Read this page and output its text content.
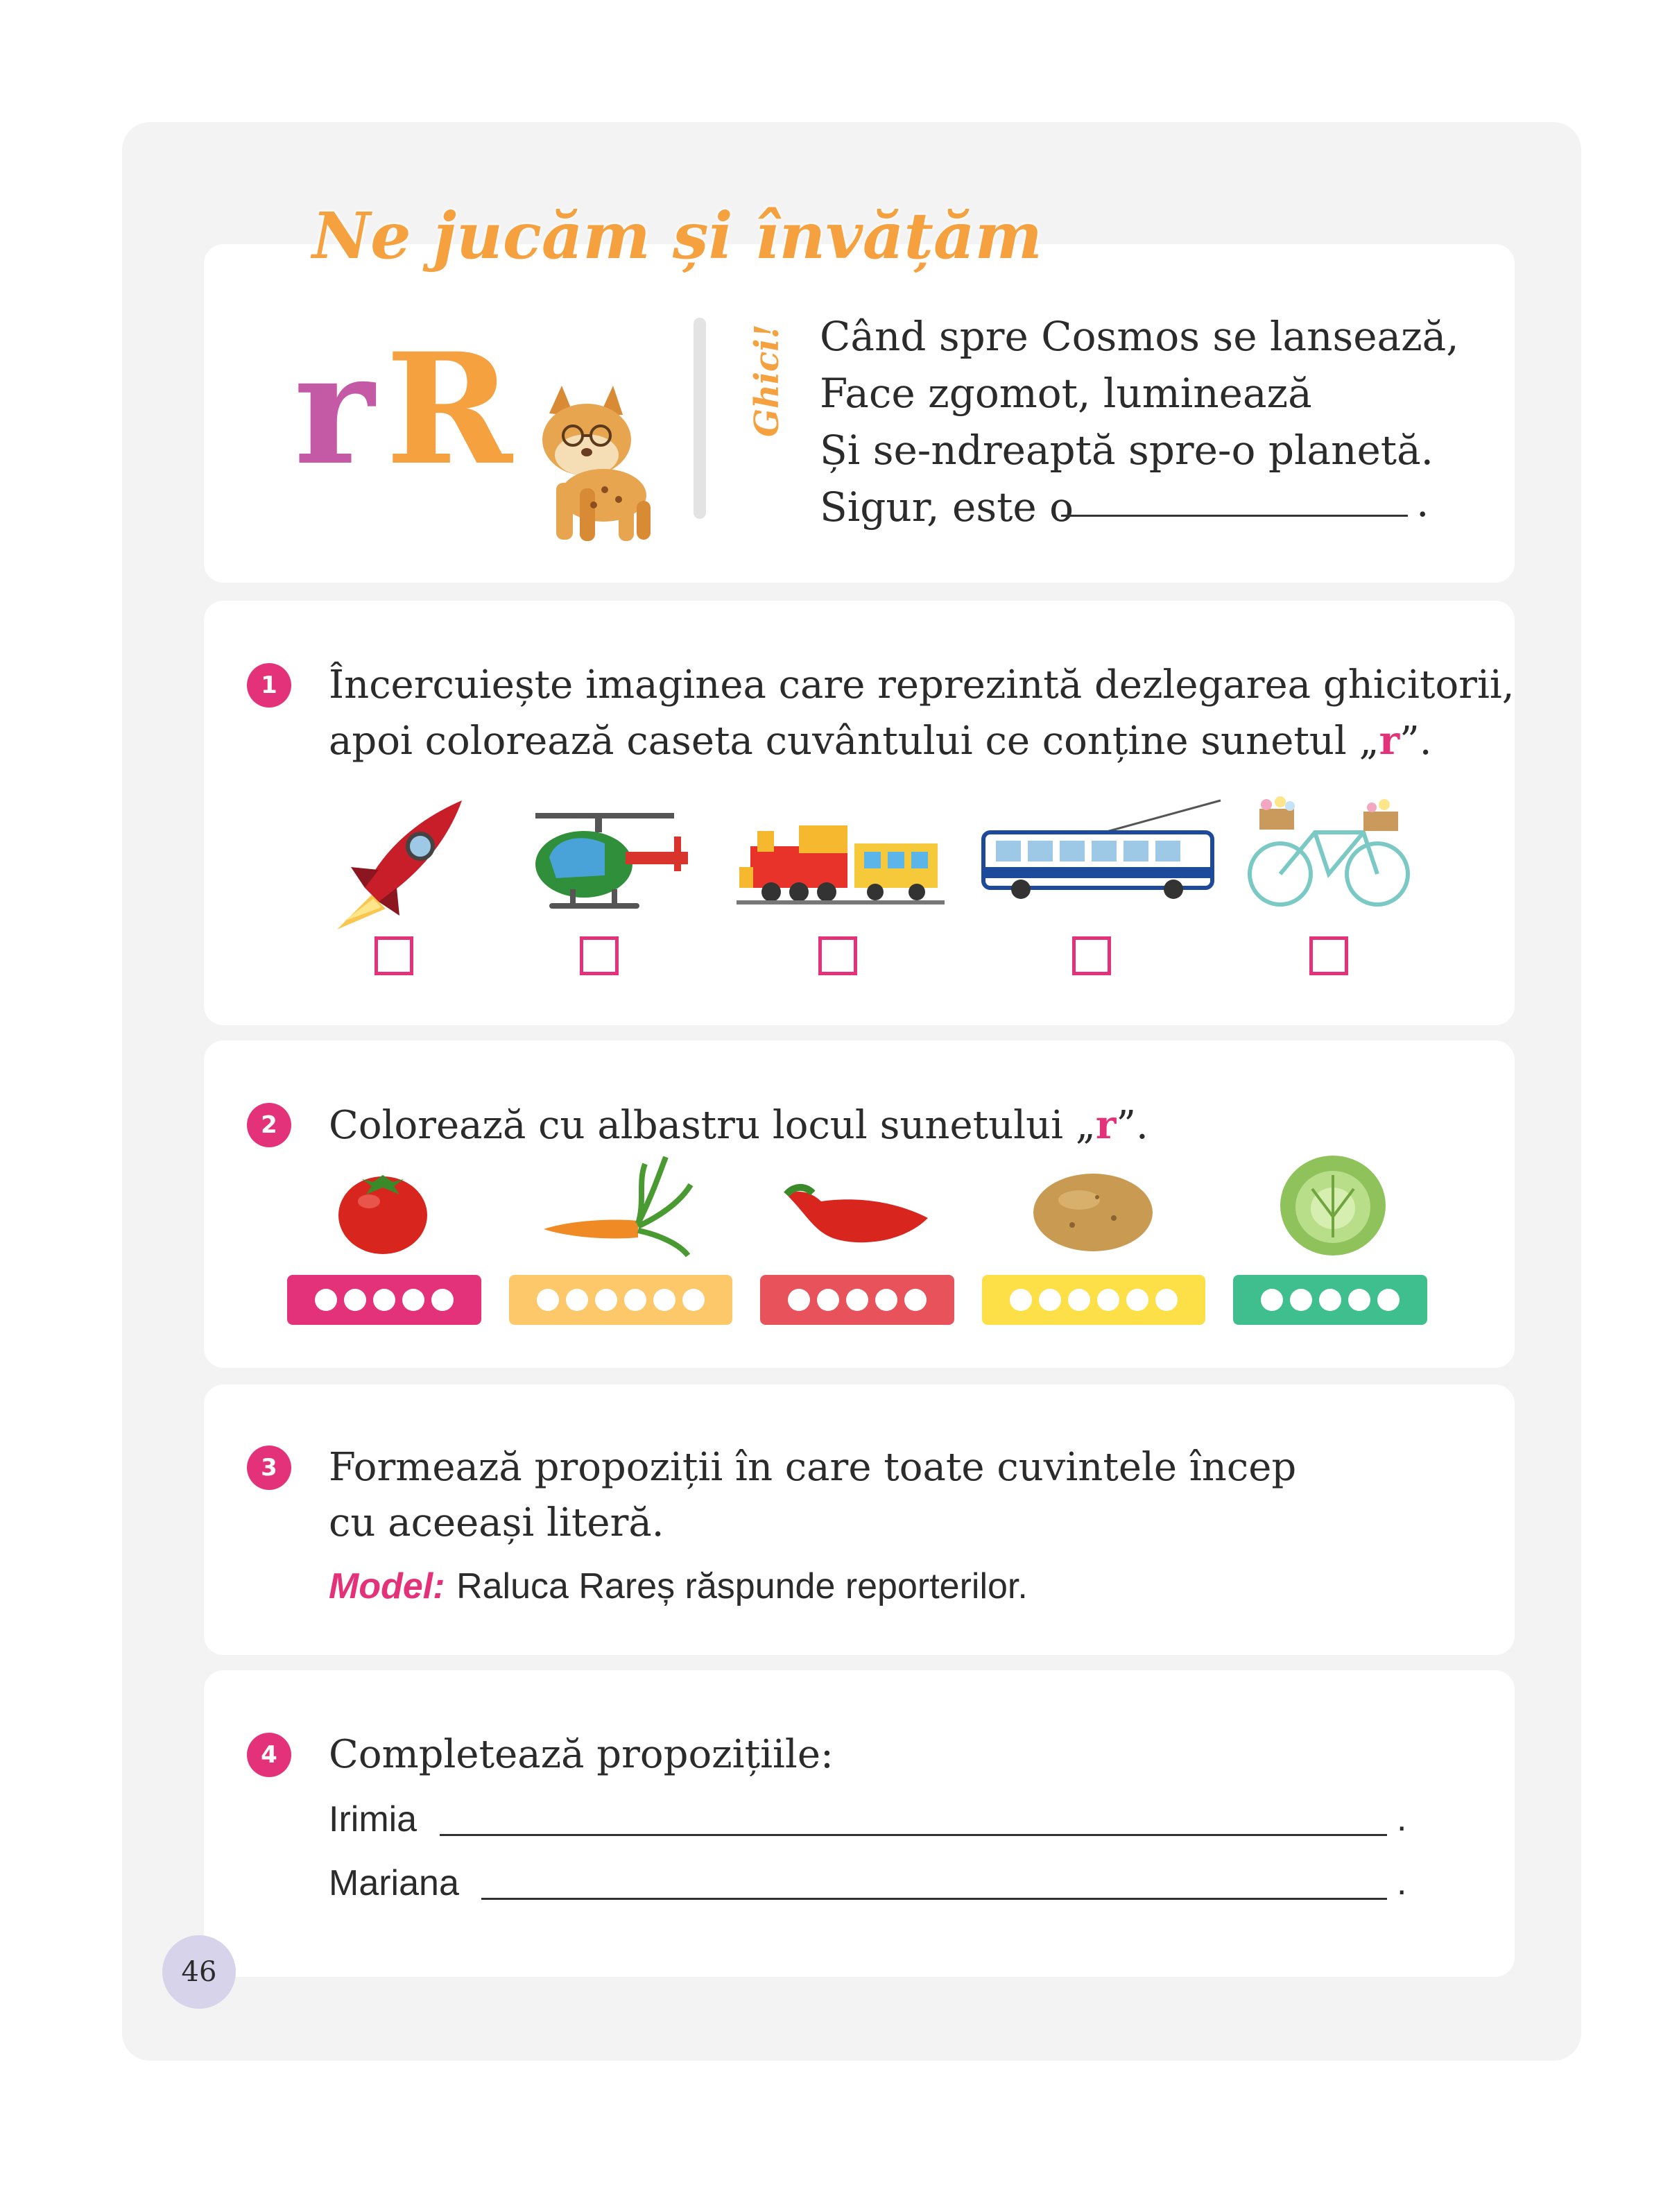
Ne jucăm și învățăm
r R	Ghici! Când spre Cosmos se lansează,
Face zgomot, luminează
Și se-ndreaptă spre-o planetă.
Sigur, este o	.
1	Încercuiește imaginea care reprezintă dezlegarea ghicitorii,
apoi colorează caseta cuvântului ce conține sunetul „r”.
2	Colorează cu albastru locul sunetului „r”.
3	Formează propoziții în care toate cuvintele încep
cu aceeași literă.
Model: Raluca Rareș răspunde reporterilor.
4	Completează propozițiile:
Irimia	.
Mariana	.
46
